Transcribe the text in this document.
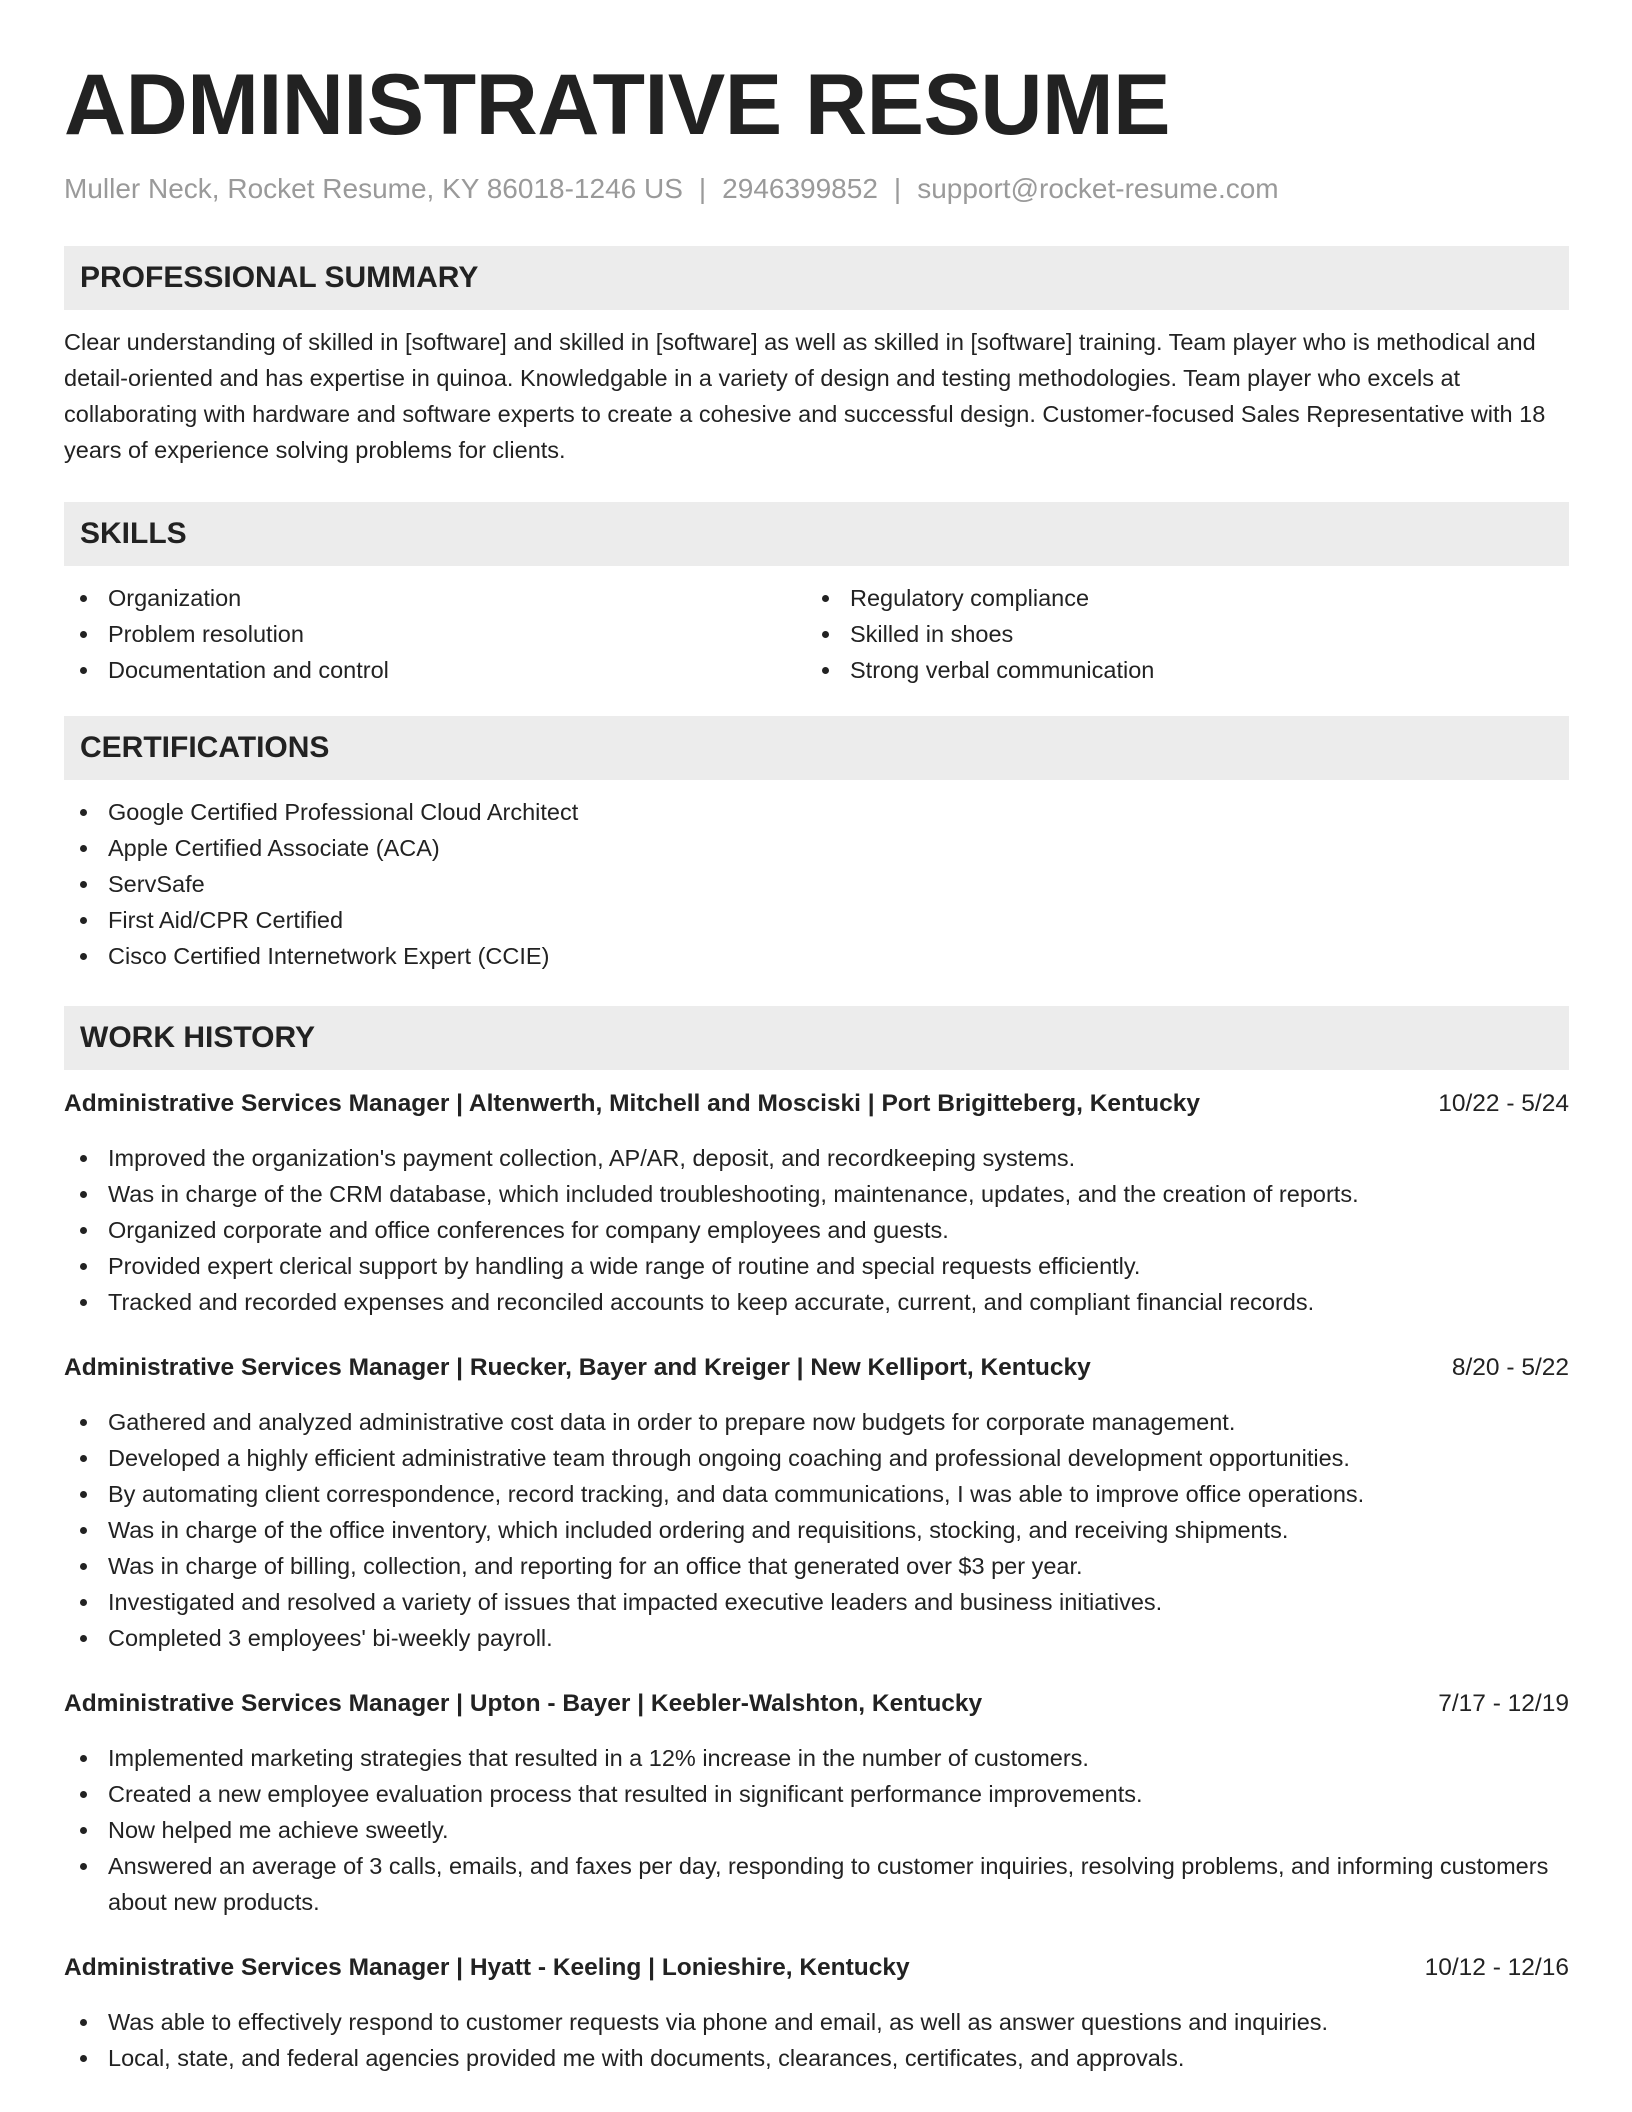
ADMINISTRATIVE RESUME
Muller Neck, Rocket Resume, KY 86018-1246 US | 2946399852 | support@rocket-resume.com
PROFESSIONAL SUMMARY

Clear understanding of skilled in [software] and skilled in [software] as well as skilled in [software] training. Team player who is methodical and detail-oriented and has expertise in quinoa. Knowledgable in a variety of design and testing methodologies. Team player who excels at collaborating with hardware and software experts to create a cohesive and successful design. Customer-focused Sales Representative with 18 years of experience solving problems for clients.

SKILLS
Organization
Problem resolution
Documentation and control
Regulatory compliance
Skilled in shoes
Strong verbal communication
CERTIFICATIONS
Google Certified Professional Cloud Architect
Apple Certified Associate (ACA)
ServSafe
First Aid/CPR Certified
Cisco Certified Internetwork Expert (CCIE)
WORK HISTORY
Administrative Services Manager | Altenwerth, Mitchell and Mosciski | Port Brigitteberg, Kentucky	10/22 - 5/24
Improved the organization's payment collection, AP/AR, deposit, and recordkeeping systems.
Was in charge of the CRM database, which included troubleshooting, maintenance, updates, and the creation of reports.
Organized corporate and office conferences for company employees and guests.
Provided expert clerical support by handling a wide range of routine and special requests efficiently.
Tracked and recorded expenses and reconciled accounts to keep accurate, current, and compliant financial records.
Administrative Services Manager | Ruecker, Bayer and Kreiger | New Kelliport, Kentucky	8/20 - 5/22
Gathered and analyzed administrative cost data in order to prepare now budgets for corporate management.
Developed a highly efficient administrative team through ongoing coaching and professional development opportunities.
By automating client correspondence, record tracking, and data communications, I was able to improve office operations.
Was in charge of the office inventory, which included ordering and requisitions, stocking, and receiving shipments.
Was in charge of billing, collection, and reporting for an office that generated over $3 per year.
Investigated and resolved a variety of issues that impacted executive leaders and business initiatives.
Completed 3 employees' bi-weekly payroll.
Administrative Services Manager | Upton - Bayer | Keebler-Walshton, Kentucky	7/17 - 12/19
Implemented marketing strategies that resulted in a 12% increase in the number of customers.
Created a new employee evaluation process that resulted in significant performance improvements.
Now helped me achieve sweetly.
Answered an average of 3 calls, emails, and faxes per day, responding to customer inquiries, resolving problems, and informing customers about new products.
Administrative Services Manager | Hyatt - Keeling | Lonieshire, Kentucky	10/12 - 12/16
Was able to effectively respond to customer requests via phone and email, as well as answer questions and inquiries.
Local, state, and federal agencies provided me with documents, clearances, certificates, and approvals.
